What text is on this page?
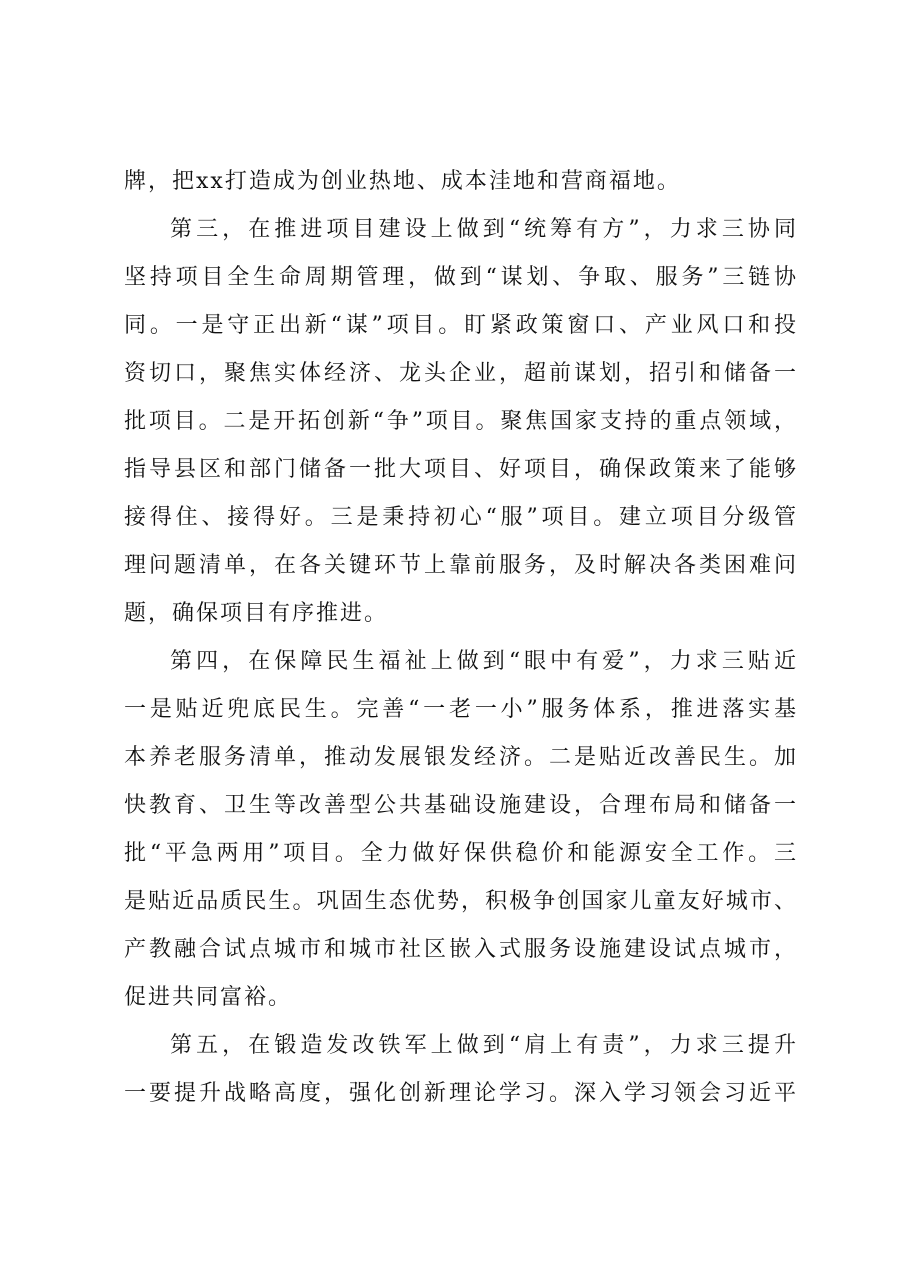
牌，把xx打造成为创业热地、成本洼地和营商福地。
第三，在推进项目建设上做到“统筹有方”，力求三协同
坚持项目全生命周期管理，做到“谋划、争取、服务”三链协
同。一是守正出新“谋”项目。盯紧政策窗口、产业风口和投
资切口，聚焦实体经济、龙头企业，超前谋划，招引和储备一
批项目。二是开拓创新“争”项目。聚焦国家支持的重点领域，
指导县区和部门储备一批大项目、好项目，确保政策来了能够
接得住、接得好。三是秉持初心“服”项目。建立项目分级管
理问题清单，在各关键环节上靠前服务，及时解决各类困难问
题，确保项目有序推进。
第四，在保障民生福祉上做到“眼中有爱”，力求三贴近
一是贴近兜底民生。完善“一老一小”服务体系，推进落实基
本养老服务清单，推动发展银发经济。二是贴近改善民生。加
快教育、卫生等改善型公共基础设施建设，合理布局和储备一
批“平急两用”项目。全力做好保供稳价和能源安全工作。三
是贴近品质民生。巩固生态优势，积极争创国家儿童友好城市、
产教融合试点城市和城市社区嵌入式服务设施建设试点城市，
促进共同富裕。
第五，在锻造发改铁军上做到“肩上有责”，力求三提升
一要提升战略高度，强化创新理论学习。深入学习领会习近平
